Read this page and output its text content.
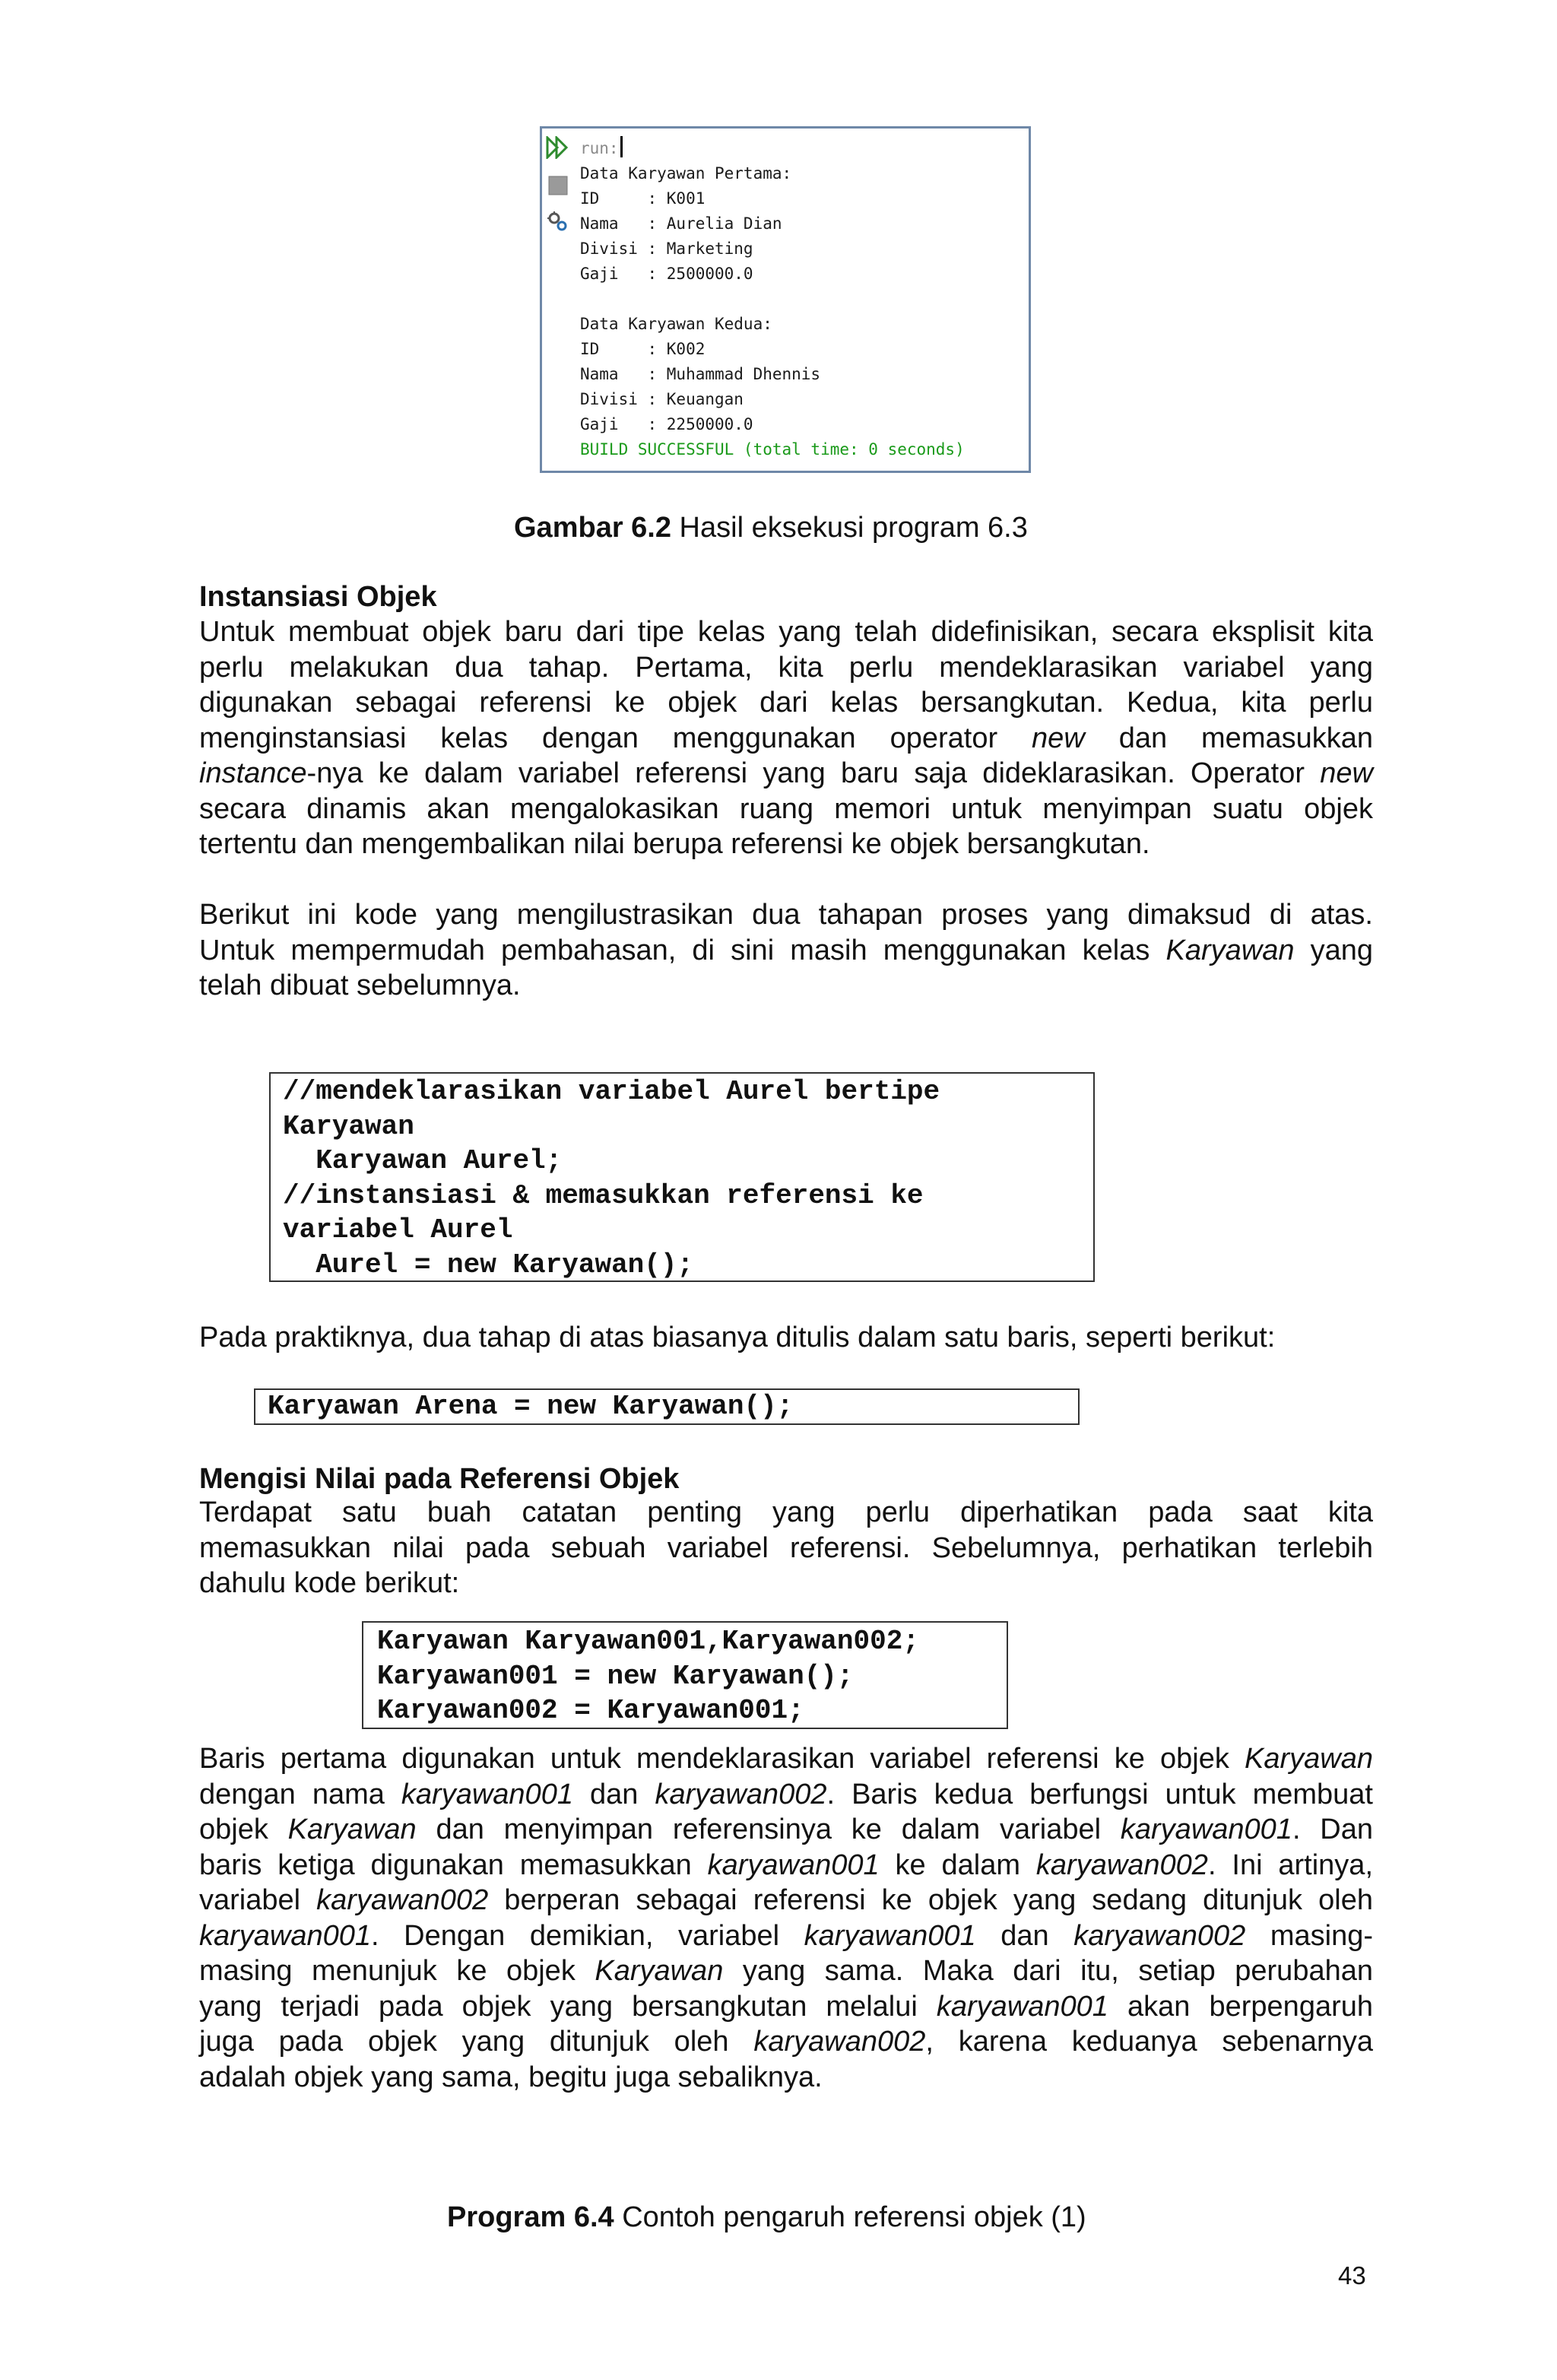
run:
Data Karyawan Pertama:
ID     : K001
Nama   : Aurelia Dian
Divisi : Marketing
Gaji   : 2500000.0
Data Karyawan Kedua:
ID     : K002
Nama   : Muhammad Dhennis
Divisi : Keuangan
Gaji   : 2250000.0
BUILD SUCCESSFUL (total time: 0 seconds)
Gambar 6.2 Hasil eksekusi program 6.3
Instansiasi Objek
Untuk membuat objek baru dari tipe kelas yang telah didefinisikan, secara eksplisit kita
perlu melakukan dua tahap. Pertama, kita perlu mendeklarasikan variabel yang
digunakan sebagai referensi ke objek dari kelas bersangkutan. Kedua, kita perlu
menginstansiasi kelas dengan menggunakan operator new dan memasukkan
instance-nya ke dalam variabel referensi yang baru saja dideklarasikan. Operator new
secara dinamis akan mengalokasikan ruang memori untuk menyimpan suatu objek
tertentu dan mengembalikan nilai berupa referensi ke objek bersangkutan.
Berikut ini kode yang mengilustrasikan dua tahapan proses yang dimaksud di atas.
Untuk mempermudah pembahasan, di sini masih menggunakan kelas Karyawan yang
telah dibuat sebelumnya.
//mendeklarasikan variabel Aurel bertipe
Karyawan
Karyawan Aurel;
//instansiasi & memasukkan referensi ke
variabel Aurel
Aurel = new Karyawan();
Pada praktiknya, dua tahap di atas biasanya ditulis dalam satu baris, seperti berikut:
Karyawan Arena = new Karyawan();
Mengisi Nilai pada Referensi Objek
Terdapat satu buah catatan penting yang perlu diperhatikan pada saat kita
memasukkan nilai pada sebuah variabel referensi. Sebelumnya, perhatikan terlebih
dahulu kode berikut:
Karyawan Karyawan001,Karyawan002;
Karyawan001 = new Karyawan();
Karyawan002 = Karyawan001;
Baris pertama digunakan untuk mendeklarasikan variabel referensi ke objek Karyawan
dengan nama karyawan001 dan karyawan002. Baris kedua berfungsi untuk membuat
objek Karyawan dan menyimpan referensinya ke dalam variabel karyawan001. Dan
baris ketiga digunakan memasukkan karyawan001 ke dalam karyawan002. Ini artinya,
variabel karyawan002 berperan sebagai referensi ke objek yang sedang ditunjuk oleh
karyawan001. Dengan demikian, variabel karyawan001 dan karyawan002 masing-
masing menunjuk ke objek Karyawan yang sama. Maka dari itu, setiap perubahan
yang terjadi pada objek yang bersangkutan melalui karyawan001 akan berpengaruh
juga pada objek yang ditunjuk oleh karyawan002, karena keduanya sebenarnya
adalah objek yang sama, begitu juga sebaliknya.
Program 6.4 Contoh pengaruh referensi objek (1)
43
